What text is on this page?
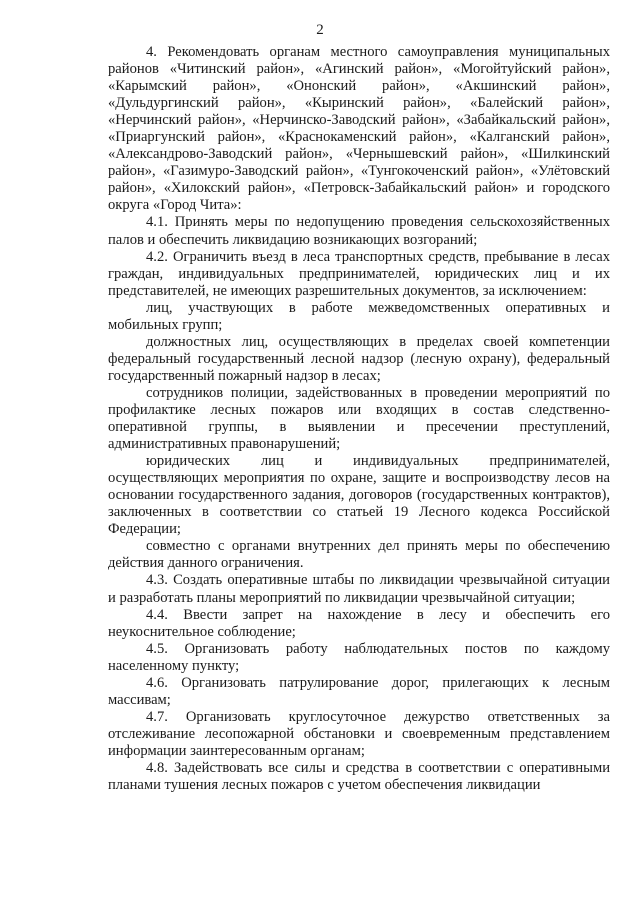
2

4. Рекомендовать органам местного самоуправления муниципальных районов «Читинский район», «Агинский район», «Могойтуйский район», «Карымский район», «Ононский район», «Акшинский район», «Дульдургинский район», «Кыринский район», «Балейский район», «Нерчинский район», «Нерчинско-Заводский район», «Забайкальский район», «Приаргунский район», «Краснокаменский район», «Калганский район», «Александрово-Заводский район», «Чернышевский район», «Шилкинский район», «Газимуро-Заводский район», «Тунгокоченский район», «Улётовский район», «Хилокский район», «Петровск-Забайкальский район» и городского округа «Город Чита»:

4.1. Принять меры по недопущению проведения сельскохозяйственных палов и обеспечить ликвидацию возникающих возгораний;

4.2. Ограничить въезд в леса транспортных средств, пребывание в лесах граждан, индивидуальных предпринимателей, юридических лиц и их представителей, не имеющих разрешительных документов, за исключением:

лиц, участвующих в работе межведомственных оперативных и мобильных групп;

должностных лиц, осуществляющих в пределах своей компетенции федеральный государственный лесной надзор (лесную охрану), федеральный государственный пожарный надзор в лесах;

сотрудников полиции, задействованных в проведении мероприятий по профилактике лесных пожаров или входящих в состав следственно-оперативной группы, в выявлении и пресечении преступлений, административных правонарушений;

юридических лиц и индивидуальных предпринимателей, осуществляющих мероприятия по охране, защите и воспроизводству лесов на основании государственного задания, договоров (государственных контрактов), заключенных в соответствии со статьей 19 Лесного кодекса Российской Федерации;

совместно с органами внутренних дел принять меры по обеспечению действия данного ограничения.

4.3. Создать оперативные штабы по ликвидации чрезвычайной ситуации и разработать планы мероприятий по ликвидации чрезвычайной ситуации;

4.4. Ввести запрет на нахождение в лесу и обеспечить его неукоснительное соблюдение;

4.5. Организовать работу наблюдательных постов по каждому населенному пункту;

4.6. Организовать патрулирование дорог, прилегающих к лесным массивам;

4.7. Организовать круглосуточное дежурство ответственных за отслеживание лесопожарной обстановки и своевременным представлением информации заинтересованным органам;

4.8. Задействовать все силы и средства в соответствии с оперативными планами тушения лесных пожаров с учетом обеспечения ликвидации
